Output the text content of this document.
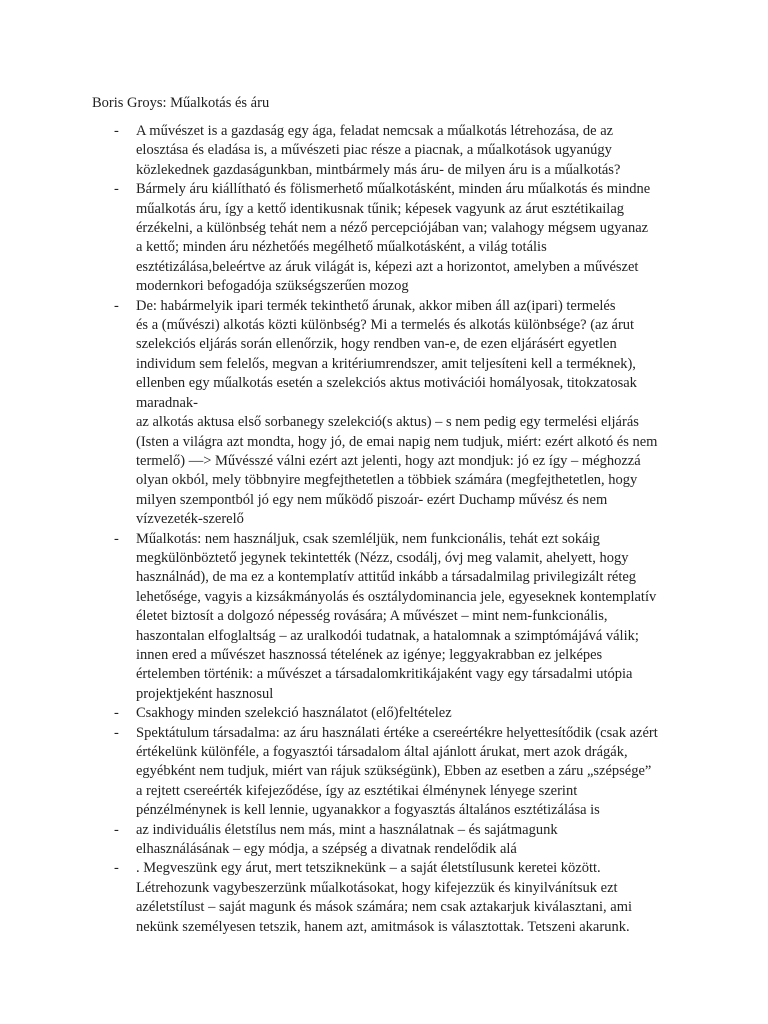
Boris Groys: Műalkotás és áru
- A művészet is a gazdaság egy ága, feladat nemcsak a műalkotás létrehozása, de az
elosztása és eladása is, a művészeti piac része a piacnak, a műalkotások ugyanúgy
közlekednek gazdaságunkban, mintbármely más áru- de milyen áru is a műalkotás?
- Bármely áru kiállítható és fölismerhető műalkotásként, minden áru műalkotás és mindne
műalkotás áru, így a kettő identikusnak tűnik; képesek vagyunk az árut esztétikailag
érzékelni, a különbség tehát nem a néző percepciójában van; valahogy mégsem ugyanaz
a kettő; minden áru nézhetőés megélhető műalkotásként, a világ totális
esztétizálása,beleértve az áruk világát is, képezi azt a horizontot, amelyben a művészet
modernkori befogadója szükségszerűen mozog
- De: habármelyik ipari termék tekinthető árunak, akkor miben áll az(ipari) termelés
és a (művészi) alkotás közti különbség? Mi a termelés és alkotás különbsége? (az árut
szelekciós eljárás során ellenőrzik, hogy rendben van-e, de ezen eljárásért egyetlen
individum sem felelős, megvan a kritériumrendszer, amit teljesíteni kell a terméknek),
ellenben egy műalkotás esetén a szelekciós aktus motivációi homályosak, titokzatosak
maradnak-
az alkotás aktusa első sorbanegy szelekció(s aktus) – s nem pedig egy termelési eljárás
(Isten a világra azt mondta, hogy jó, de emai napig nem tudjuk, miért: ezért alkotó és nem
termelő) —> Művésszé válni ezért azt jelenti, hogy azt mondjuk: jó ez így – méghozzá
olyan okból, mely többnyire megfejthetetlen a többiek számára (megfejthetetlen, hogy
milyen szempontból jó egy nem működő piszoár- ezért Duchamp művész és nem
vízvezeték-szerelő
- Műalkotás: nem használjuk, csak szemléljük, nem funkcionális, tehát ezt sokáig
megkülönböztető jegynek tekintették (Nézz, csodálj, óvj meg valamit, ahelyett, hogy
használnád), de ma ez a kontemplatív attitűd inkább a társadalmilag privilegizált réteg
lehetősége, vagyis a kizsákmányolás és osztálydominancia jele, egyeseknek kontemplatív
életet biztosít a dolgozó népesség rovására; A művészet – mint nem-funkcionális,
haszontalan elfoglaltság – az uralkodói tudatnak, a hatalomnak a szimptómájává válik;
innen ered a művészet hasznossá tételének az igénye; leggyakrabban ez jelképes
értelemben történik: a művészet a társadalomkritikájaként vagy egy társadalmi utópia
projektjeként hasznosul
- Csakhogy minden szelekció használatot (elő)feltételez
- Spektátulum társadalma: az áru használati értéke a csereértékre helyettesítődik (csak azért
értékelünk különféle, a fogyasztói társadalom által ajánlott árukat, mert azok drágák,
egyébként nem tudjuk, miért van rájuk szükségünk), Ebben az esetben a záru „szépsége”
a rejtett csereérték kifejeződése, így az esztétikai élménynek lényege szerint
pénzélménynek is kell lennie, ugyanakkor a fogyasztás általános esztétizálása is
- az individuális életstílus nem más, mint a használatnak – és sajátmagunk
elhasználásának – egy módja, a szépség a divatnak rendelődik alá
- . Megveszünk egy árut, mert tetsziknekünk – a saját életstílusunk keretei között.
Létrehozunk vagybeszerzünk műalkotásokat, hogy kifejezzük és kinyilvánítsuk ezt
azéletstílust – saját magunk és mások számára; nem csak aztakarjuk kiválasztani, ami
nekünk személyesen tetszik, hanem azt, amitmások is választottak. Tetszeni akarunk.
